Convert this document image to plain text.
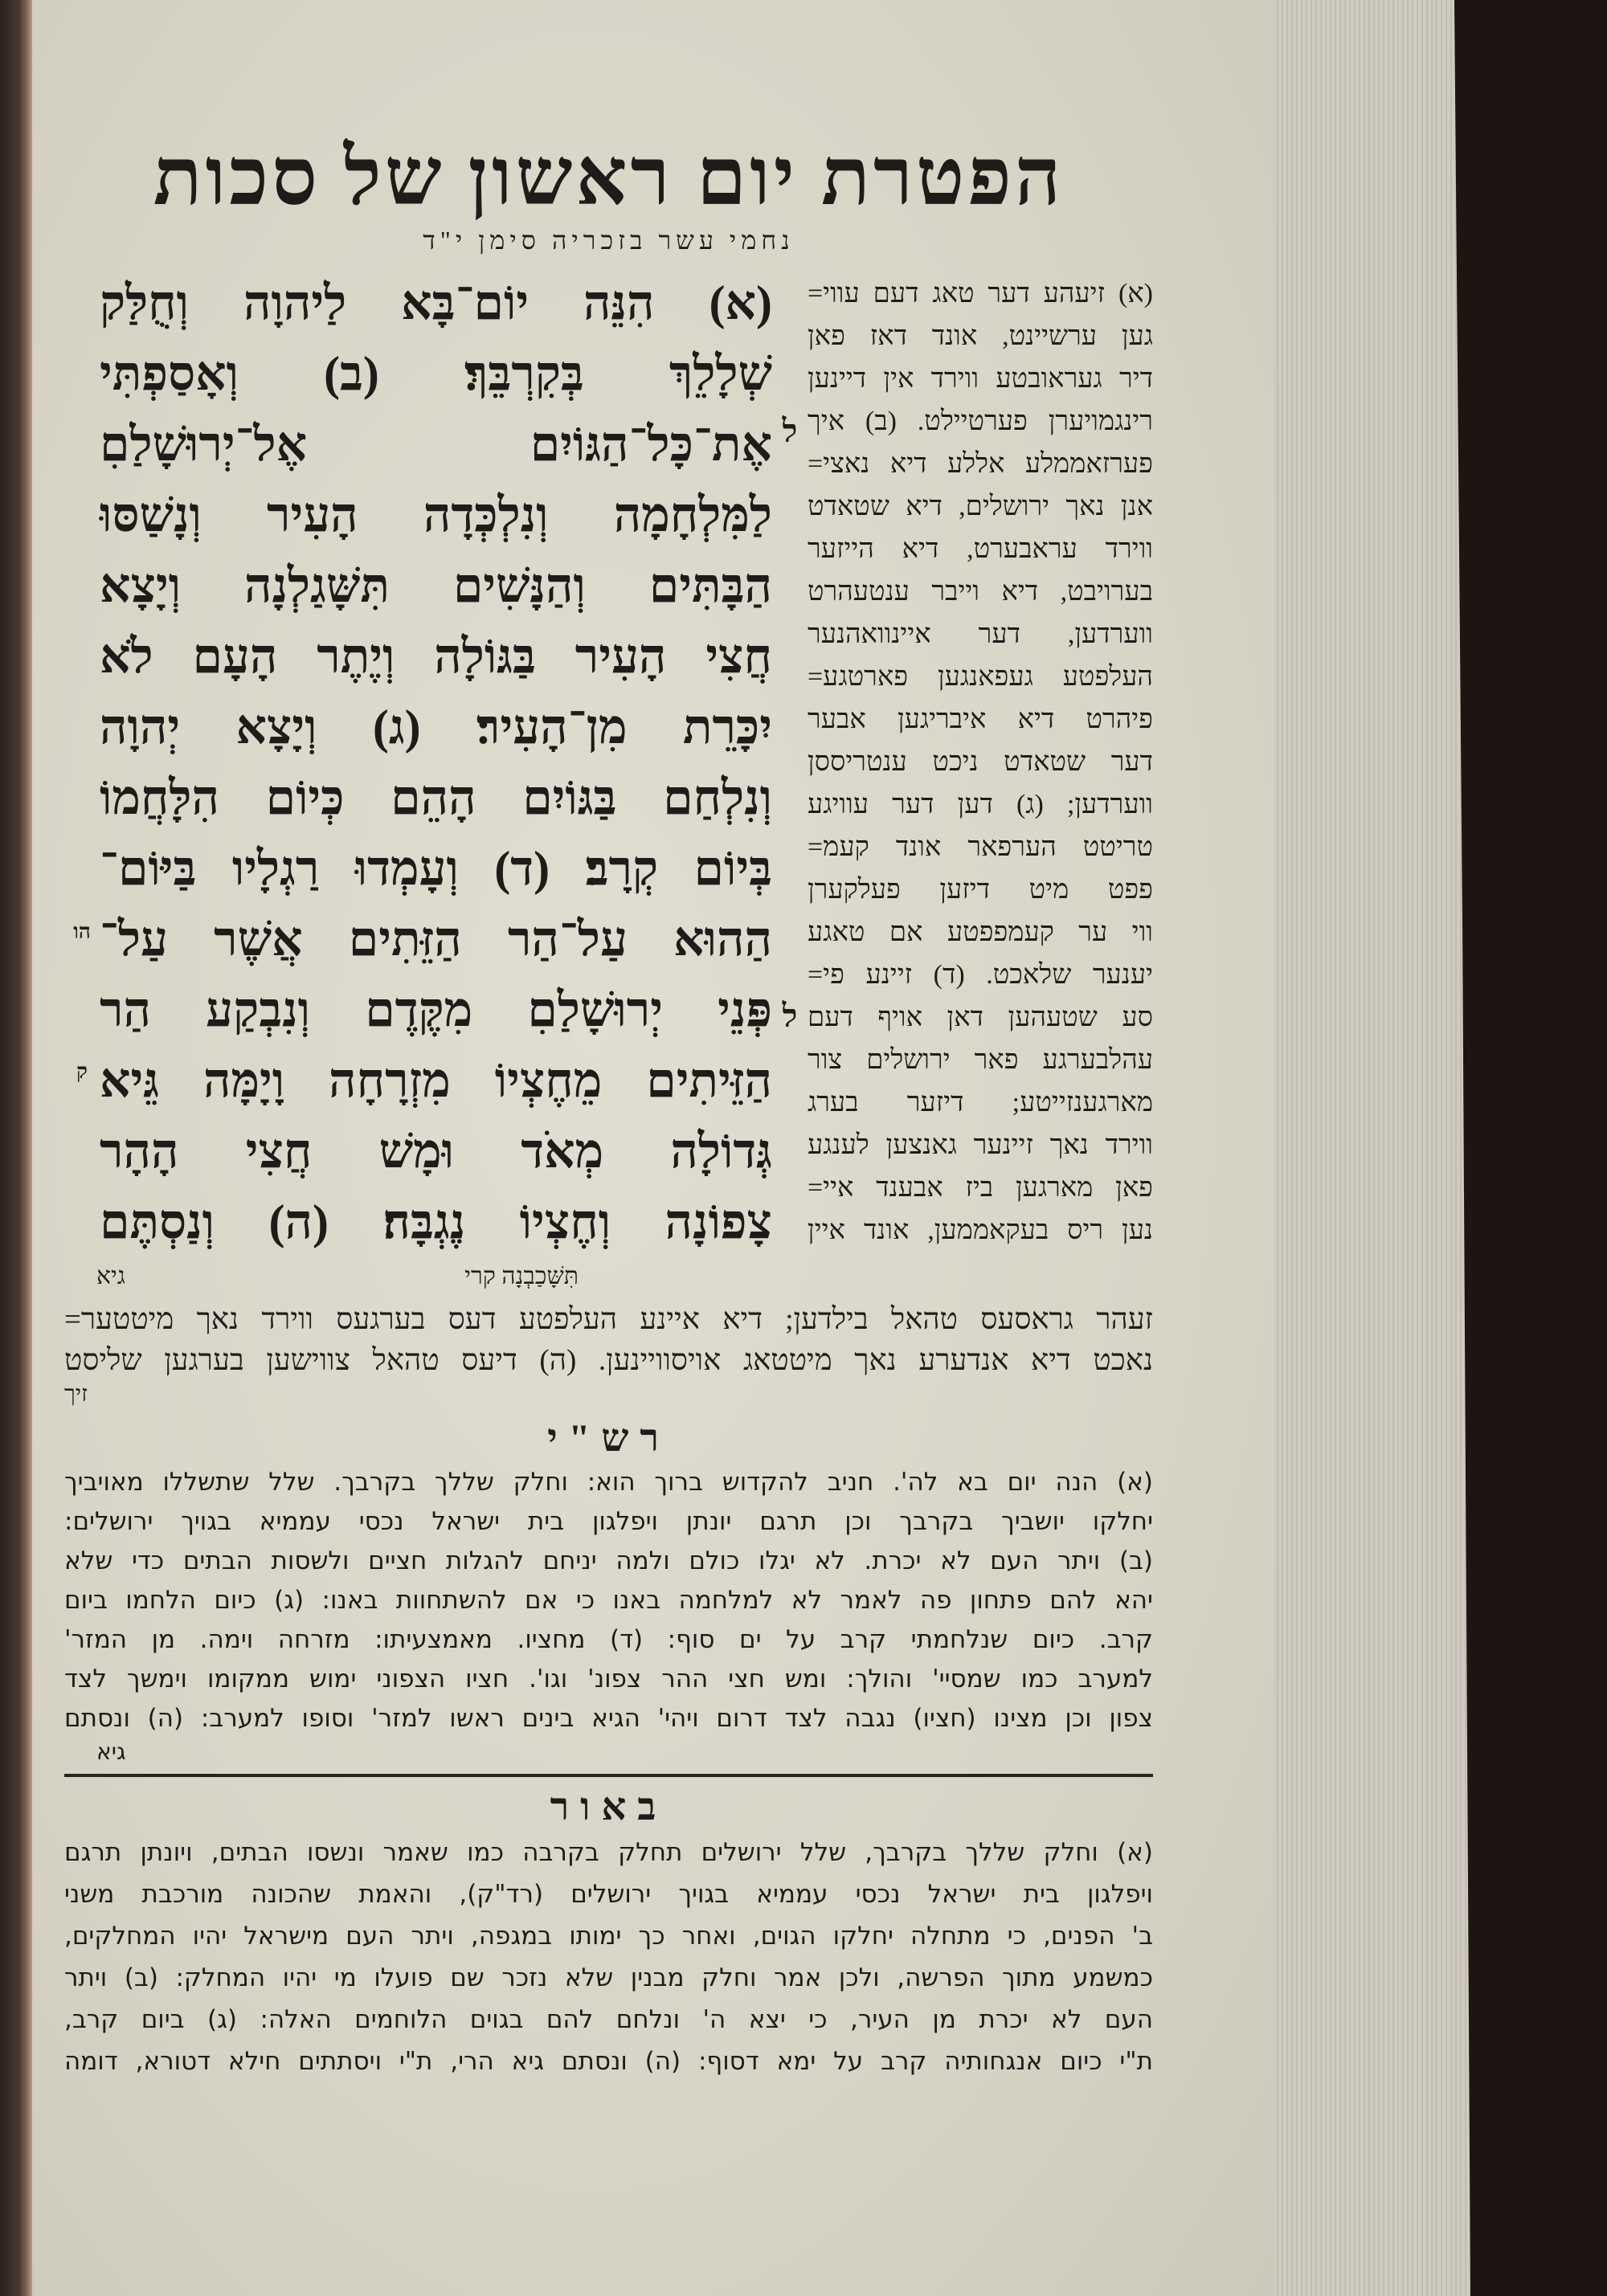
הפטרת יום ראשון של סכות
נחמי עשר בזכריה סימן י"ד
הו
ק
(א) הִנֵּה יוֹם־בָּא לַיהוָה וְחֻלַּק
שְׁלָלֵךְ בְּקִרְבֵּךְ׃ (ב) וְאָסַפְתִּי
אֶת־כָּל־הַגּוֹיִם אֶל־יְרוּשָׁלַםִ
לַמִּלְחָמָה וְנִלְכְּדָה הָעִיר וְנָשַׁסּוּ
הַבָּתִּים וְהַנָּשִׁים תִּשָּׁגַלְנָה וְיָצָא
חֲצִי הָעִיר בַּגּוֹלָה וְיֶתֶר הָעָם לֹא
יִכָּרֵת מִן־הָעִיר׃ (ג) וְיָצָא יְהוָה
וְנִלְחַם בַּגּוֹיִם הָהֵם כְּיוֹם הִלָּחֲמוֹ
בְּיוֹם קְרָב׃ (ד) וְעָמְדוּ רַגְלָיו בַּיּוֹם־
הַהוּא עַל־הַר הַזֵּתִים אֲשֶׁר עַל־
פְּנֵי יְרוּשָׁלַםִ מִקֶּדֶם וְנִבְקַע הַר
הַזֵּיתִים מֵחֶצְיוֹ מִזְרָחָה וָיָמָּה גֵּיא
גְּדוֹלָה מְאֹד וּמָשׁ חֲצִי הָהָר
צָפוֹנָה וְחֶצְיוֹ נֶגְבָּה׃ (ה) וְנַסְתֶּם
ל
ל
(א) זיעהע דער טאג דעם עווי=
גען ערשיינט, אונד דאז פאן
דיר געראובטע ווירד אין דיינען
רינגמויערן פערטיילט. (ב) איך
פערזאממלע אללע דיא נאצי=
אנן נאך ירושלים, דיא שטאדט
ווירד עראבערט, דיא הייזער
בערויבט, דיא וייבר ענטעהרט
ווערדען, דער איינוואהנער
העלפטע געפאנגען פארטגע=
פיהרט דיא איבריגען אבער
דער שטאדט ניכט ענטריססן
ווערדען; (ג) דען דער עוויגע
טריטט הערפאר אונד קעמ=
פפט מיט דיזען פעלקערן
ווי ער קעמפפטע אם טאגע
יענער שלאכט. (ד) זיינע פי=
סע שטעהען דאן אויף דעם
עהלבערגע פאר ירושלים צור
מארגענזייטע; דיזער בערג
ווירד נאך זיינער גאנצען לענגע
פאן מארגען ביז אבענד איי=
נען ריס בעקאממען, אונד איין
גיא	תִּשָּׁכַבְנָה קרי
זעהר גראסעס טהאל בילדען; דיא איינע העלפטע דעס בערגעס ווירד נאך מיטטער=
נאכט דיא אנדערע נאך מיטטאג אויסוויינען. (ה) דיעס טהאל צווישען בערגען שליסט
זיך
רש"י
(א) הנה יום בא לה'. חניב להקדוש ברוך הוא: וחלק שללך בקרבך. שלל שתשללו מאויביך
יחלקו יושביך בקרבך וכן תרגם יונתן ויפלגון בית ישראל נכסי עממיא בגויך ירושלים:
(ב) ויתר העם לא יכרת. לא יגלו כולם ולמה יניחם להגלות חציים ולשסות הבתים כדי שלא
יהא להם פתחון פה לאמר לא למלחמה באנו כי אם להשתחוות באנו: (ג) כיום הלחמו ביום
קרב. כיום שנלחמתי קרב על ים סוף: (ד) מחציו. מאמצעיתו: מזרחה וימה. מן המזר'
למערב כמו שמסיי' והולך: ומש חצי ההר צפונ' וגו'. חציו הצפוני ימוש ממקומו וימשך לצד
צפון וכן מצינו (חציו) נגבה לצד דרום ויהי' הגיא בינים ראשו למזר' וסופו למערב: (ה) ונסתם
גיא
באור
(א) וחלק שללך בקרבך, שלל ירושלים תחלק בקרבה כמו שאמר ונשסו הבתים, ויונתן תרגם
ויפלגון בית ישראל נכסי עממיא בגויך ירושלים (רד"ק), והאמת שהכונה מורכבת משני
ב' הפנים, כי מתחלה יחלקו הגוים, ואחר כך ימותו במגפה, ויתר העם מישראל יהיו המחלקים,
כמשמע מתוך הפרשה, ולכן אמר וחלק מבנין שלא נזכר שם פועלו מי יהיו המחלק: (ב) ויתר
העם לא יכרת מן העיר, כי יצא ה' ונלחם להם בגוים הלוחמים האלה: (ג) ביום קרב,
ת"י כיום אנגחותיה קרב על ימא דסוף: (ה) ונסתם גיא הרי, ת"י ויסתתים חילא דטורא, דומה
